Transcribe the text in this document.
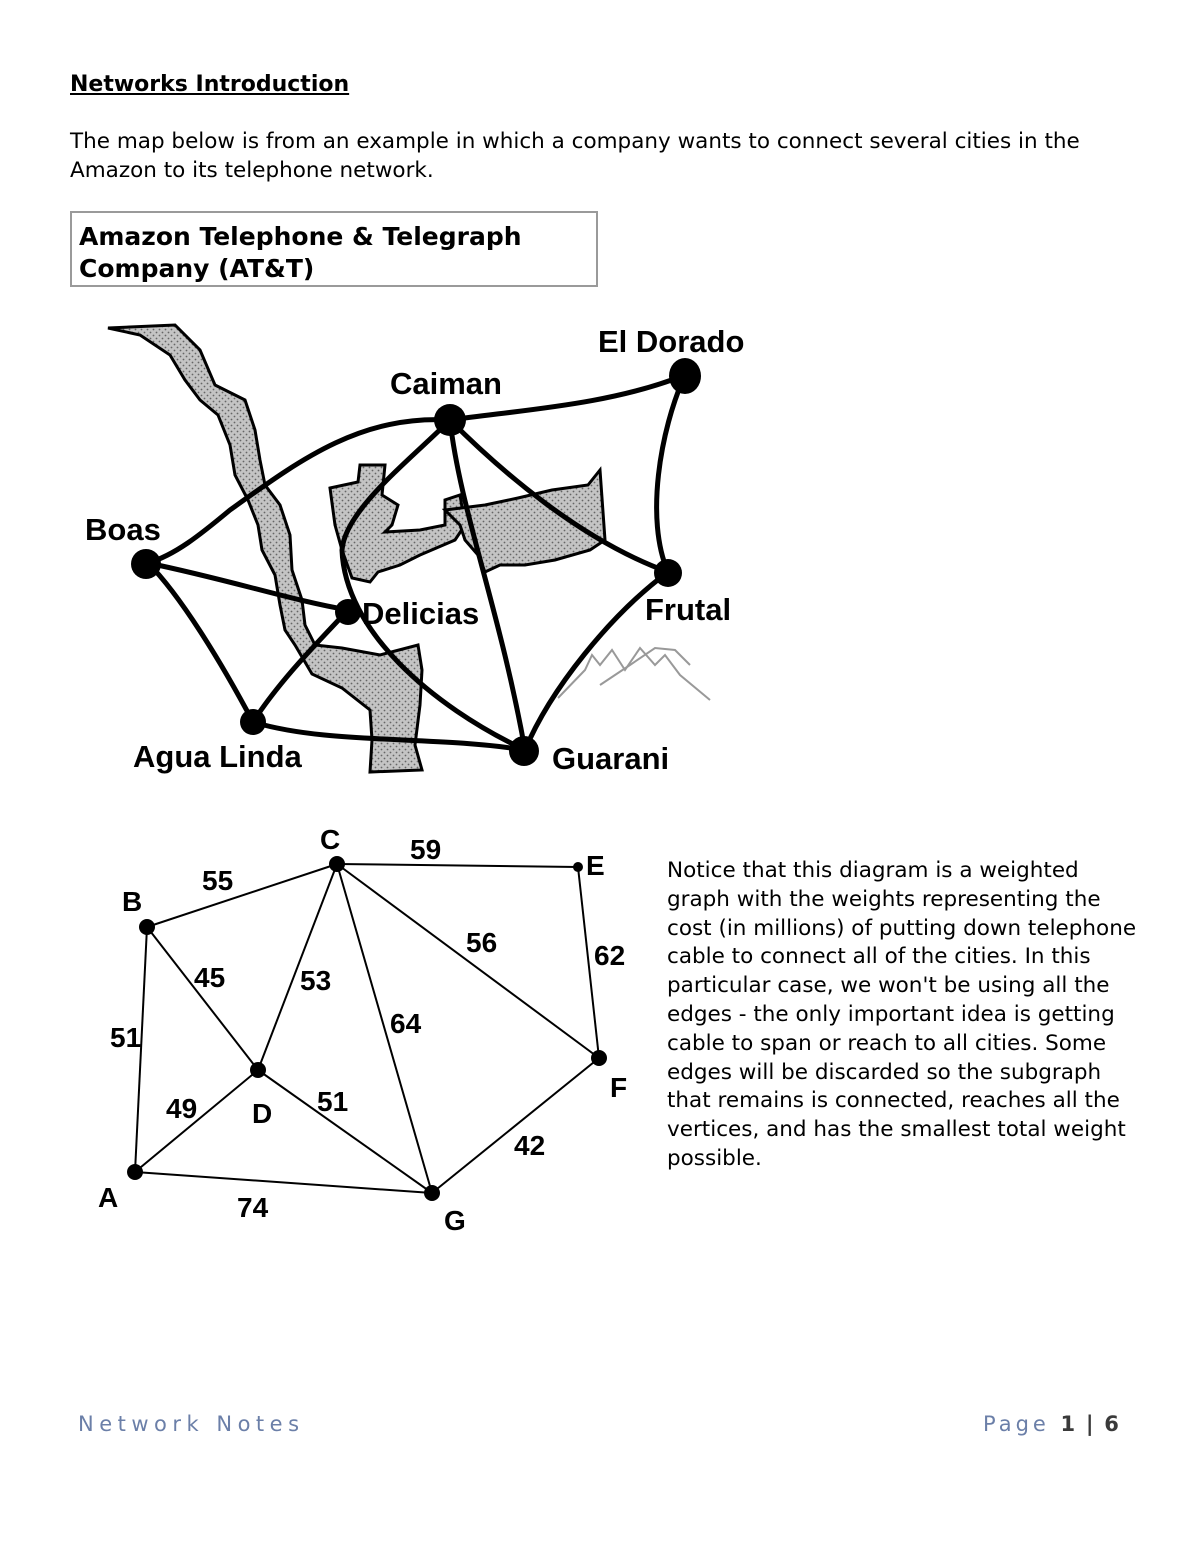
Networks Introduction
The map below is from an example in which a company wants to connect several cities in the Amazon to its telephone network.
Amazon Telephone & Telegraph
Company (AT&T)
El Dorado
Caiman
Boas
Delicias	Frutal
Agua Linda	Guarani
55
59
45	53
56	62
64
51
49	51
42
74
A
B
C
D
E
F
G
Notice that this diagram is a weighted graph with the weights representing the cost (in millions) of putting down telephone cable to connect all of the cities. In this particular case, we won't be using all the edges - the only important idea is getting cable to span or reach to all cities. Some edges will be discarded so the subgraph that remains is connected, reaches all the vertices, and has the smallest total weight possible.
Network Notes	Page 1 | 6
